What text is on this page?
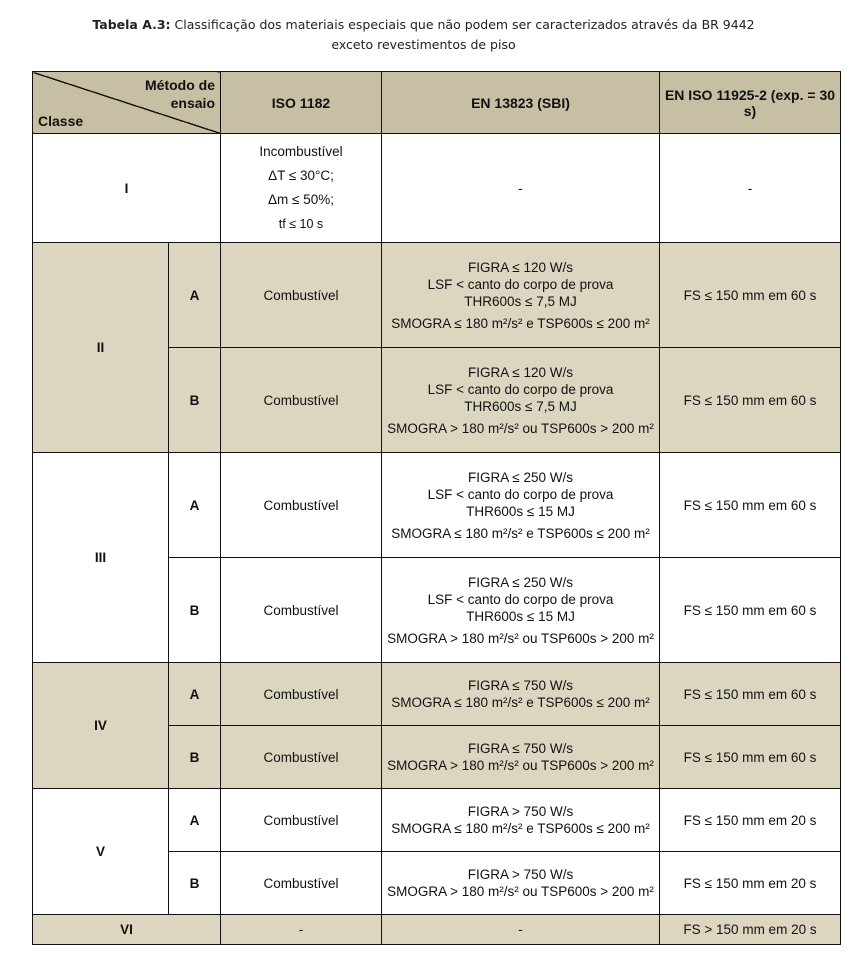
Tabela A.3: Classificação dos materiais especiais que não podem ser caracterizados através da BR 9442
exceto revestimentos de piso
Método de ensaio
Classe		ISO 1182	EN 13823 (SBI)	EN ISO 11925-2 (exp. = 30 s)
I		Incombustível
ΔT ≤ 30°C;
Δm ≤ 50%;
tf ≤ 10 s	-	-
II	A	Combustível	FIGRA ≤ 120 W/s
LSF < canto do corpo de prova
THR600s ≤ 7,5 MJ
SMOGRA ≤ 180 m²/s² e TSP600s ≤ 200 m²	FS ≤ 150 mm em 60 s
	B	Combustível	FIGRA ≤ 120 W/s
LSF < canto do corpo de prova
THR600s ≤ 7,5 MJ
SMOGRA > 180 m²/s² ou TSP600s > 200 m²	FS ≤ 150 mm em 60 s
III	A	Combustível	FIGRA ≤ 250 W/s
LSF < canto do corpo de prova
THR600s ≤ 15 MJ
SMOGRA ≤ 180 m²/s² e TSP600s ≤ 200 m²	FS ≤ 150 mm em 60 s
	B	Combustível	FIGRA ≤ 250 W/s
LSF < canto do corpo de prova
THR600s ≤ 15 MJ
SMOGRA > 180 m²/s² ou TSP600s > 200 m²	FS ≤ 150 mm em 60 s
IV	A	Combustível	FIGRA ≤ 750 W/s
SMOGRA ≤ 180 m²/s² e TSP600s ≤ 200 m²	FS ≤ 150 mm em 60 s
	B	Combustível	FIGRA ≤ 750 W/s
SMOGRA > 180 m²/s² ou TSP600s > 200 m²	FS ≤ 150 mm em 60 s
V	A	Combustível	FIGRA > 750 W/s
SMOGRA ≤ 180 m²/s² e TSP600s ≤ 200 m²	FS ≤ 150 mm em 20 s
	B	Combustível	FIGRA > 750 W/s
SMOGRA > 180 m²/s² ou TSP600s > 200 m²	FS ≤ 150 mm em 20 s
VI		-	-	FS > 150 mm em 20 s
